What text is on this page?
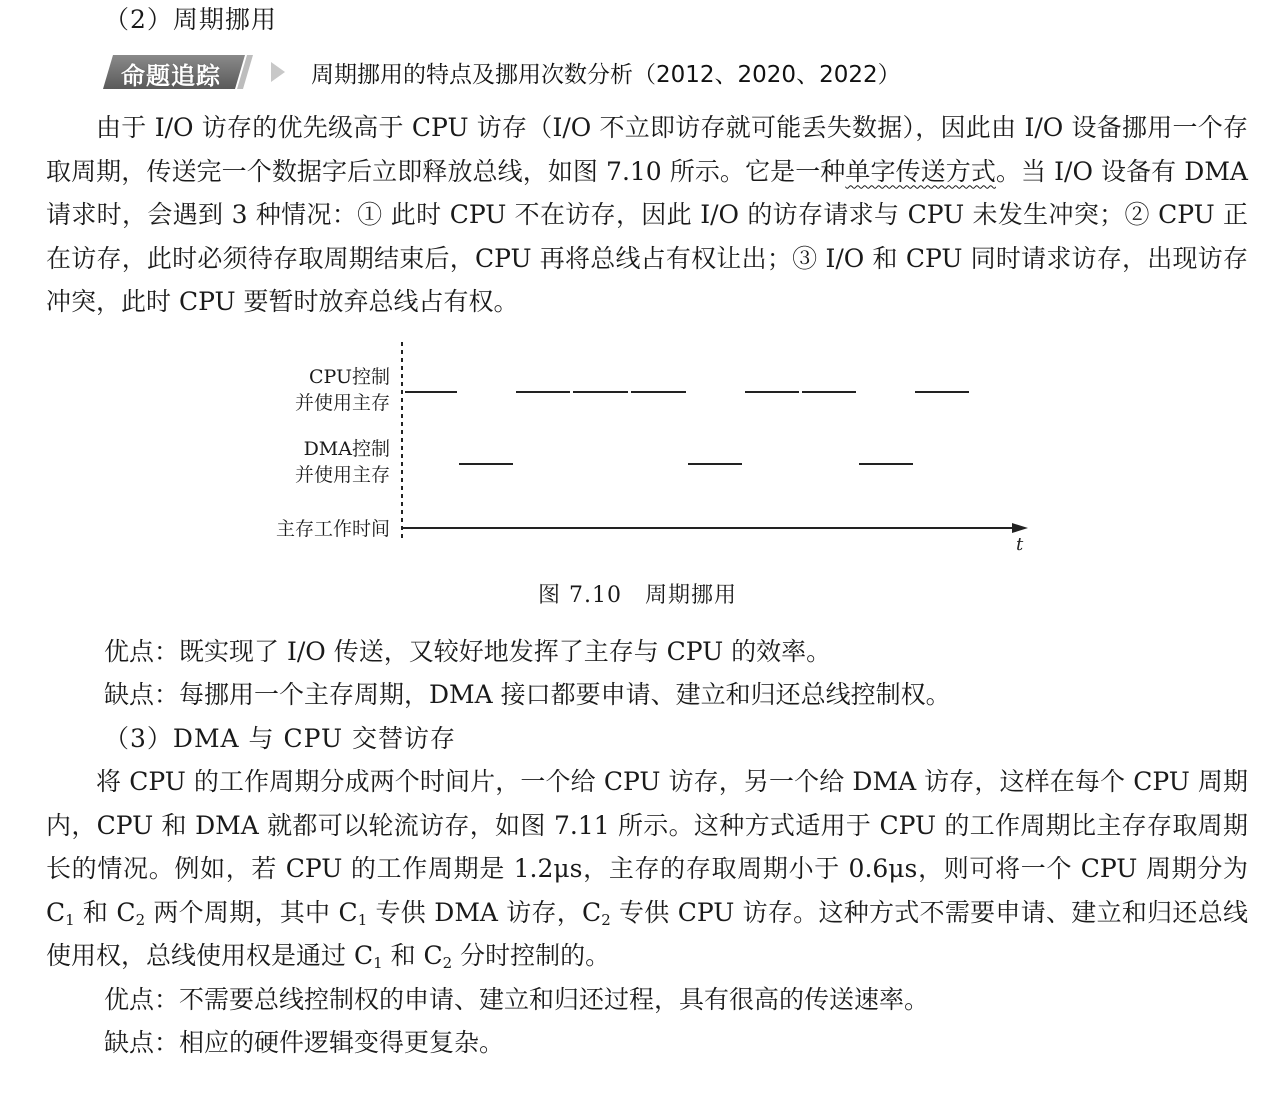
（2）周期挪用
命题追踪	周期挪用的特点及挪用次数分析（2012、2020、2022）

由于 I/O 访存的优先级高于 CPU 访存（I/O 不立即访存就可能丢失数据），因此由 I/O 设备挪用一个存取周期，传送完一个数据字后立即释放总线，如图 7.10 所示。它是一种单字传送方式。当 I/O 设备有 DMA 请求时，会遇到 3 种情况：① 此时 CPU 不在访存，因此 I/O 的访存请求与 CPU 未发生冲突；② CPU 正在访存，此时必须待存取周期结束后，CPU 再将总线占有权让出；③ I/O 和 CPU 同时请求访存，出现访存冲突，此时 CPU 要暂时放弃总线占有权。

CPU控制
并使用主存
DMA控制
并使用主存
主存工作时间
t
图 7.10　周期挪用
优点：既实现了 I/O 传送，又较好地发挥了主存与 CPU 的效率。
缺点：每挪用一个主存周期，DMA 接口都要申请、建立和归还总线控制权。
（3）DMA 与 CPU 交替访存

将 CPU 的工作周期分成两个时间片，一个给 CPU 访存，另一个给 DMA 访存，这样在每个 CPU 周期内，CPU 和 DMA 就都可以轮流访存，如图 7.11 所示。这种方式适用于 CPU 的工作周期比主存存取周期长的情况。例如，若 CPU 的工作周期是 1.2μs，主存的存取周期小于 0.6μs，则可将一个 CPU 周期分为 $C_1$ 和 $C_2$ 两个周期，其中 $C_1$ 专供 DMA 访存，$C_2$ 专供 CPU 访存。这种方式不需要申请、建立和归还总线使用权，总线使用权是通过 $C_1$ 和 $C_2$ 分时控制的。

优点：不需要总线控制权的申请、建立和归还过程，具有很高的传送速率。
缺点：相应的硬件逻辑变得更复杂。
